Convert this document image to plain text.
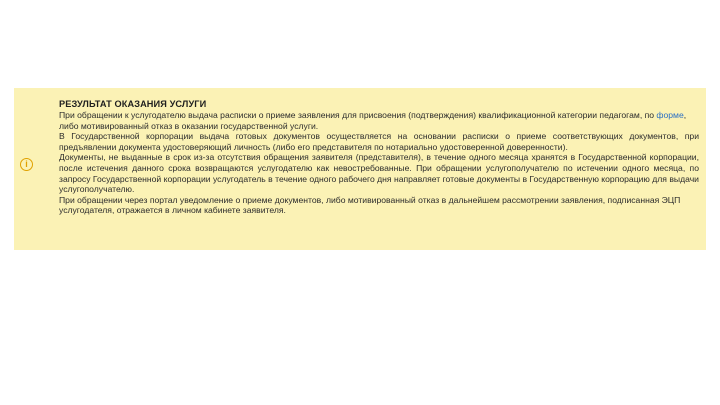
i
РЕЗУЛЬТАТ ОКАЗАНИЯ УСЛУГИ

При обращении к услугодателю выдача расписки о приеме заявления для присвоения (подтверждения) квалификационной категории педагогам, по форме, либо мотивированный отказ в оказании государственной услуги.

В Государственной корпорации выдача готовых документов осуществляется на основании расписки о приеме соответствующих документов, при предъявлении документа удостоверяющий личность (либо его представителя по нотариально удостоверенной доверенности).

Документы, не выданные в срок из-за отсутствия обращения заявителя (представителя), в течение одного месяца хранятся в Государственной корпорации, после истечения данного срока возвращаются услугодателю как невостребованные. При обращении услугополучателю по истечении одного месяца, по запросу Государственной корпорации услугодатель в течение одного рабочего дня направляет готовые документы в Государственную корпорацию для выдачи услугополучателю.

При обращении через портал уведомление о приеме документов, либо мотивированный отказ в дальнейшем рассмотрении заявления, подписанная ЭЦП услугодателя, отражается в личном кабинете заявителя.
